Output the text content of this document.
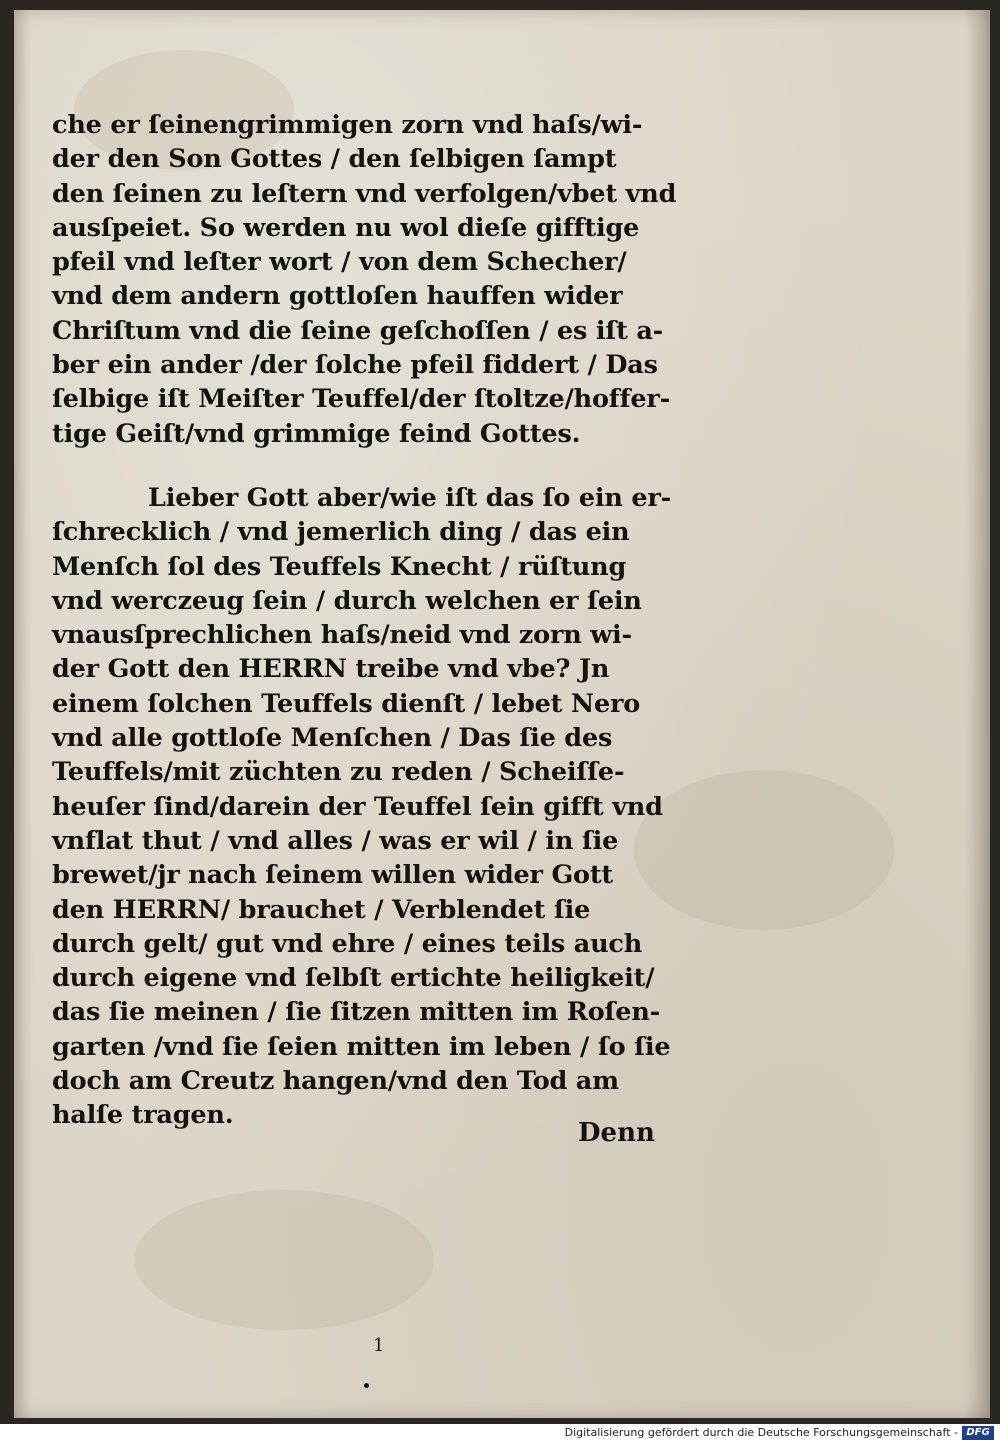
che er ſeinengrimmigen zorn vnd haſs/wi-
der den Son Gottes / den ſelbigen ſampt
den ſeinen zu leſtern vnd verfolgen/vbet vnd
ausſpeiet. So werden nu wol dieſe gifftige
pfeil vnd leſter wort / von dem Schecher/
vnd dem andern gottloſen hauffen wider
Chriſtum vnd die ſeine geſchoſſen / es iſt a-
ber ein ander /der ſolche pfeil fiddert / Das
ſelbige iſt Meiſter Teuffel/der ſtoltze/hoffer-
tige Geiſt/vnd grimmige feind Gottes.
Lieber Gott aber/wie iſt das ſo ein er-
ſchrecklich / vnd jemerlich ding / das ein
Menſch ſol des Teuffels Knecht / rüſtung
vnd werczeug ſein / durch welchen er ſein
vnausſprechlichen haſs/neid vnd zorn wi-
der Gott den HERRN treibe vnd vbe? Jn
einem ſolchen Teuffels dienſt / lebet Nero
vnd alle gottloſe Menſchen / Das ſie des
Teuffels/mit züchten zu reden / Scheiſſe-
heuſer ſind/darein der Teuffel ſein gifft vnd
vnflat thut / vnd alles / was er wil / in ſie
brewet/jr nach ſeinem willen wider Gott
den HERRN/ brauchet / Verblendet ſie
durch gelt/ gut vnd ehre / eines teils auch
durch eigene vnd ſelbſt ertichte heiligkeit/
das ſie meinen / ſie ſitzen mitten im Roſen-
garten /vnd ſie ſeien mitten im leben / ſo ſie
doch am Creutz hangen/vnd den Tod am
halſe tragen.
Denn
1
Digitalisierung gefördert durch die Deutsche Forschungsgemeinschaft - DFG
